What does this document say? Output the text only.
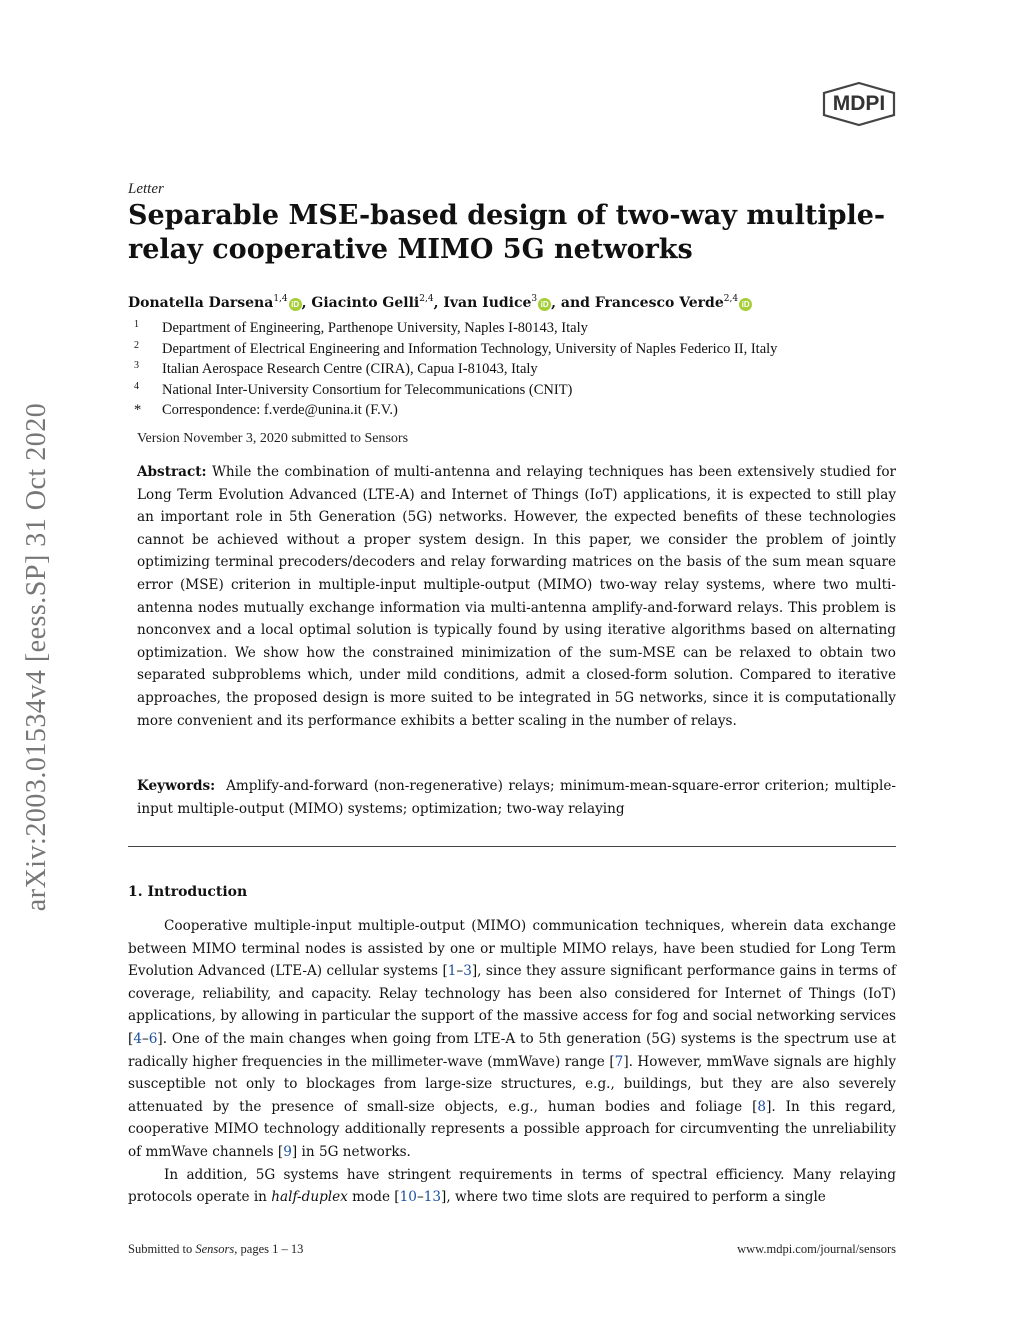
arXiv:2003.01534v4 [eess.SP] 31 Oct 2020
MDPI
Letter
Separable MSE-based design of two-way multiple-relay cooperative MIMO 5G networks
Donatella Darsena$^{1,4}$iD , Giacinto Gelli$^{2,4}$, Ivan Iudice$^3$iD , and Francesco Verde$^{2,4}$iD
1	Department of Engineering, Parthenope University, Naples I-80143, Italy
2	Department of Electrical Engineering and Information Technology, University of Naples Federico II, Italy
3	Italian Aerospace Research Centre (CIRA), Capua I-81043, Italy
4	National Inter-University Consortium for Telecommunications (CNIT)
*	Correspondence: f.verde@unina.it (F.V.)
Version November 3, 2020 submitted to Sensors

Abstract: While the combination of multi-antenna and relaying techniques has been extensively studied for Long Term Evolution Advanced (LTE-A) and Internet of Things (IoT) applications, it is expected to still play an important role in 5th Generation (5G) networks. However, the expected benefits of these technologies cannot be achieved without a proper system design. In this paper, we consider the problem of jointly optimizing terminal precoders/decoders and relay forwarding matrices on the basis of the sum mean square error (MSE) criterion in multiple-input multiple-output (MIMO) two-way relay systems, where two multi-antenna nodes mutually exchange information via multi-antenna amplify-and-forward relays. This problem is nonconvex and a local optimal solution is typically found by using iterative algorithms based on alternating optimization. We show how the constrained minimization of the sum-MSE can be relaxed to obtain two separated subproblems which, under mild conditions, admit a closed-form solution. Compared to iterative approaches, the proposed design is more suited to be integrated in 5G networks, since it is computationally more convenient and its performance exhibits a better scaling in the number of relays.

Keywords: Amplify-and-forward (non-regenerative) relays; minimum-mean-square-error criterion; multiple-input multiple-output (MIMO) systems; optimization; two-way relaying

1. Introduction

Cooperative multiple-input multiple-output (MIMO) communication techniques, wherein data exchange between MIMO terminal nodes is assisted by one or multiple MIMO relays, have been studied for Long Term Evolution Advanced (LTE-A) cellular systems [1–3], since they assure significant performance gains in terms of coverage, reliability, and capacity. Relay technology has been also considered for Internet of Things (IoT) applications, by allowing in particular the support of the massive access for fog and social networking services [4–6]. One of the main changes when going from LTE-A to 5th generation (5G) systems is the spectrum use at radically higher frequencies in the millimeter-wave (mmWave) range [7]. However, mmWave signals are highly susceptible not only to blockages from large-size structures, e.g., buildings, but they are also severely attenuated by the presence of small-size objects, e.g., human bodies and foliage [8]. In this regard, cooperative MIMO technology additionally represents a possible approach for circumventing the unreliability of mmWave channels [9] in 5G networks.

In addition, 5G systems have stringent requirements in terms of spectral efficiency. Many relaying protocols operate in half-duplex mode [10–13], where two time slots are required to perform a single

Submitted to Sensors, pages 1 – 13	www.mdpi.com/journal/sensors
